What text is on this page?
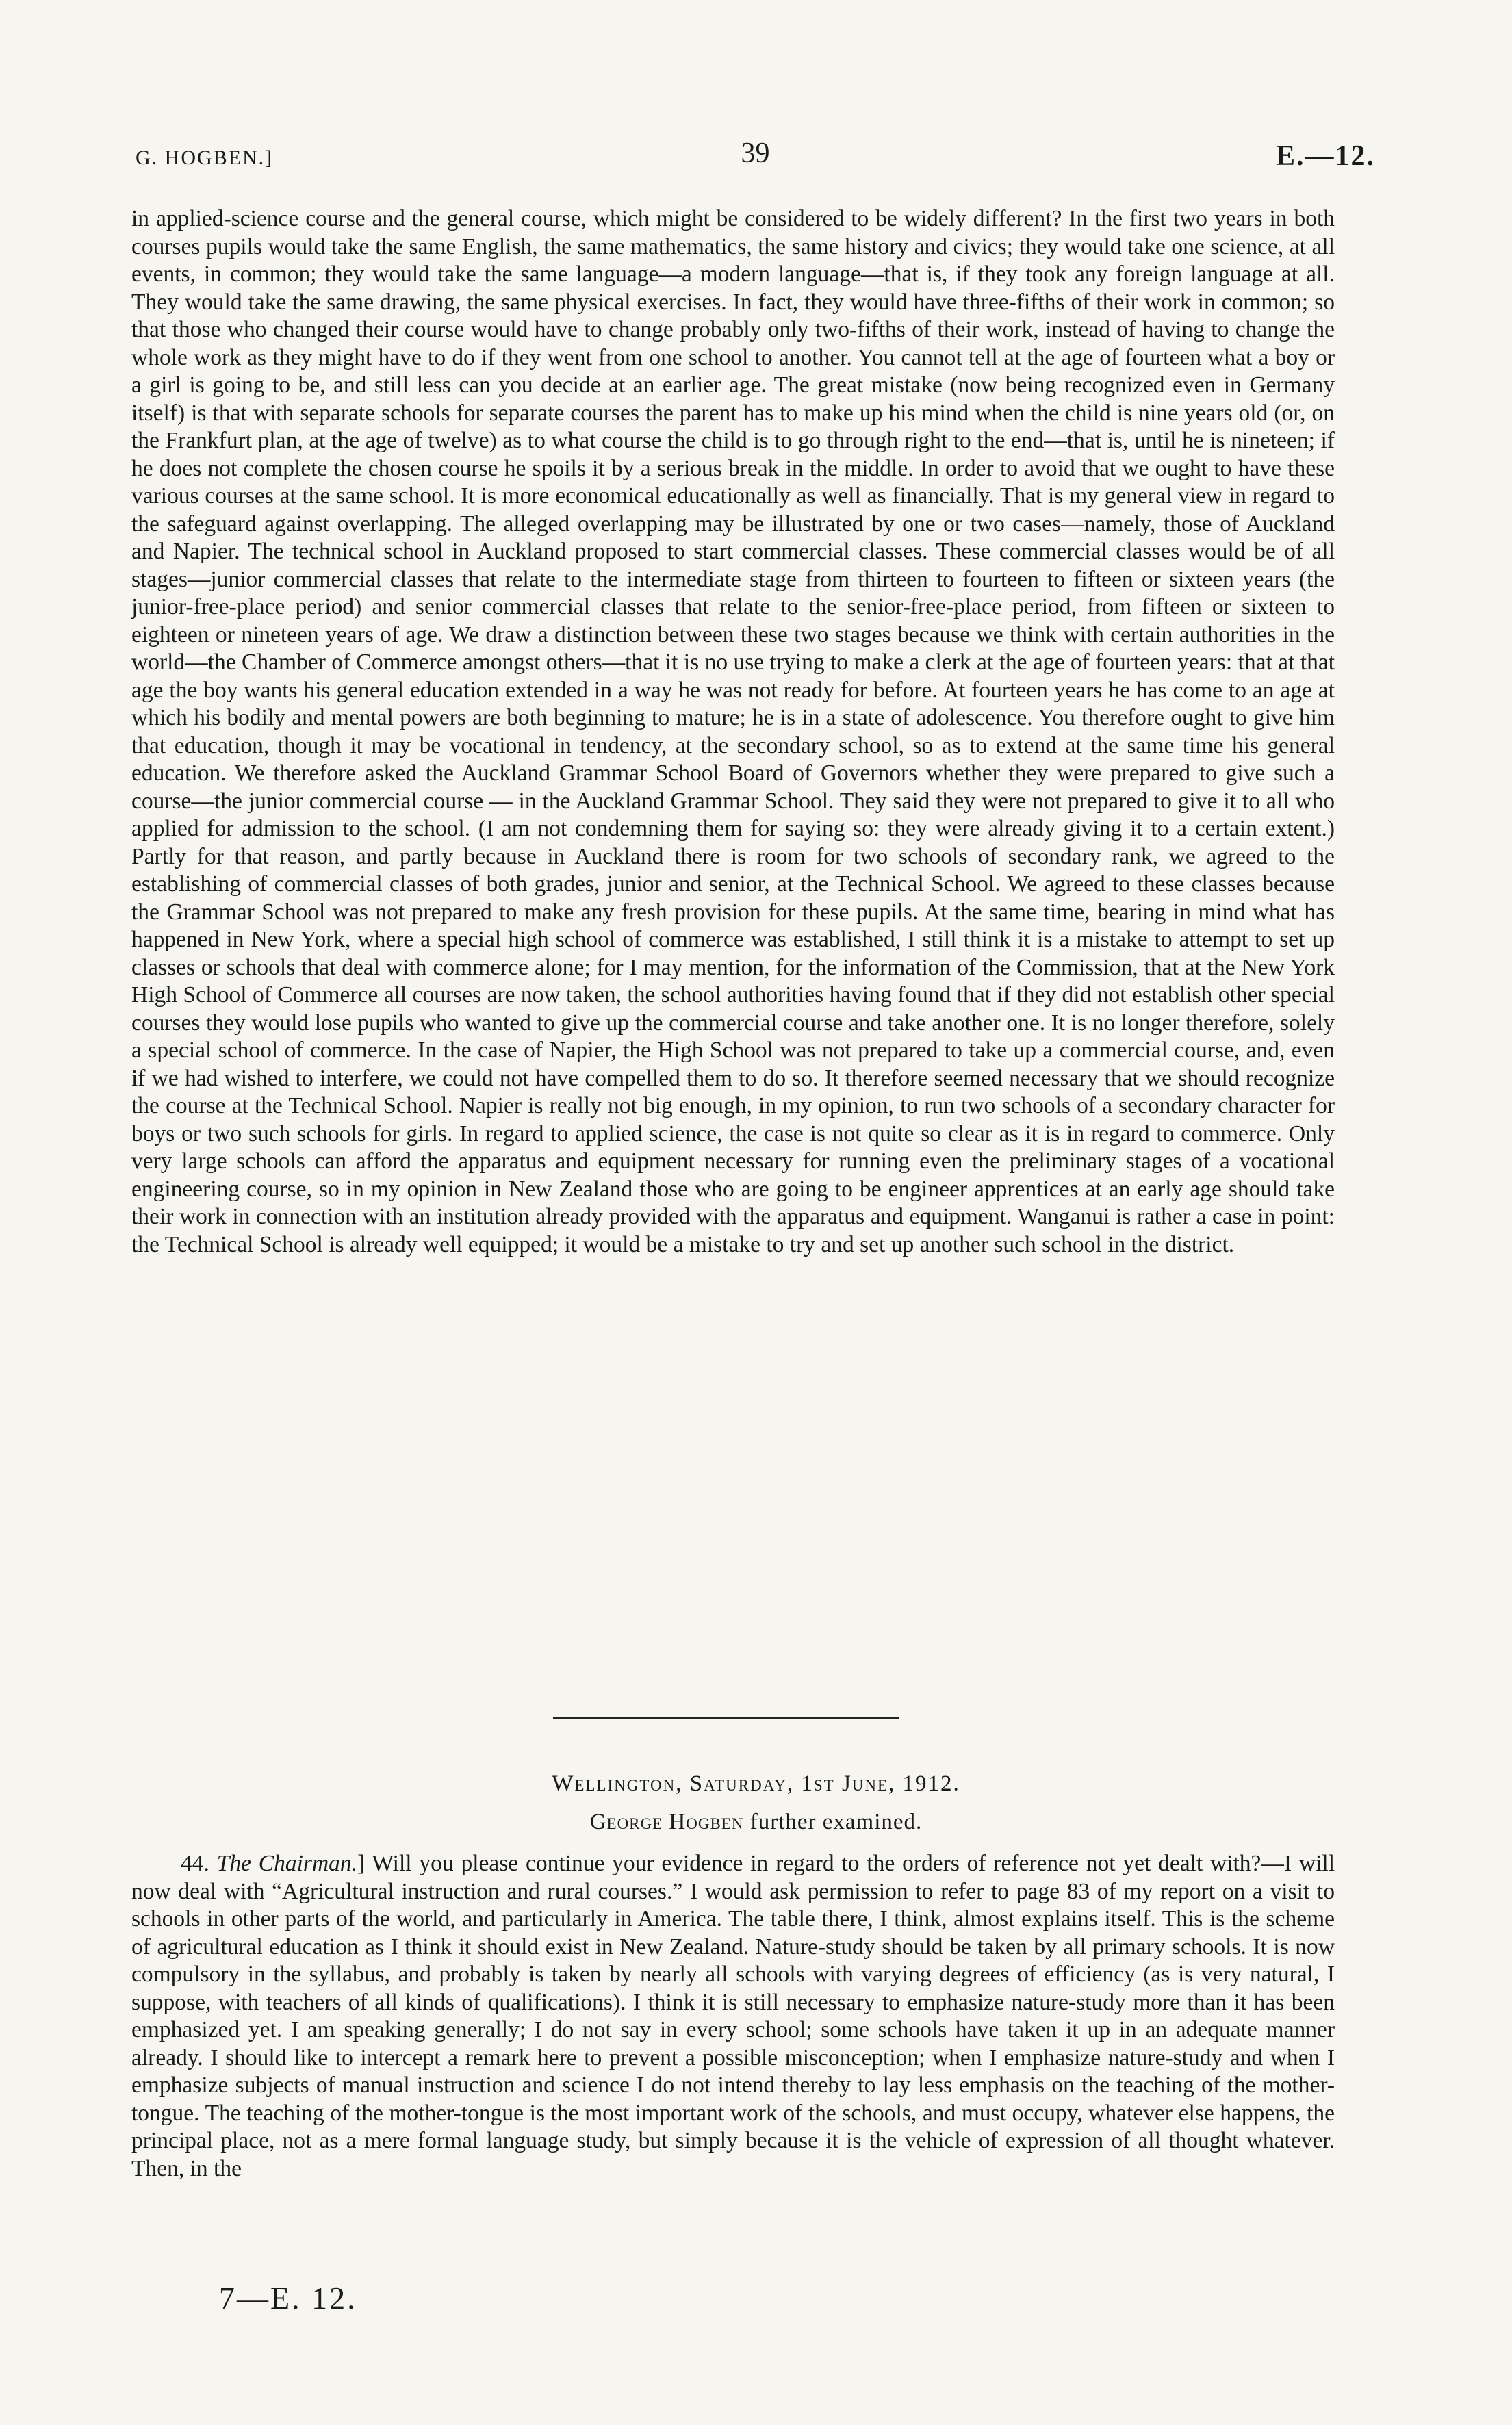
G. HOGBEN.]	39	E.—12.

in applied-science course and the general course, which might be considered to be widely different? In the first two years in both courses pupils would take the same English, the same mathematics, the same history and civics; they would take one science, at all events, in common; they would take the same language—a modern language—that is, if they took any foreign language at all. They would take the same drawing, the same physical exercises. In fact, they would have three-fifths of their work in common; so that those who changed their course would have to change probably only two-fifths of their work, instead of having to change the whole work as they might have to do if they went from one school to another. You cannot tell at the age of fourteen what a boy or a girl is going to be, and still less can you decide at an earlier age. The great mistake (now being recognized even in Germany itself) is that with separate schools for separate courses the parent has to make up his mind when the child is nine years old (or, on the Frankfurt plan, at the age of twelve) as to what course the child is to go through right to the end—that is, until he is nineteen; if he does not complete the chosen course he spoils it by a serious break in the middle. In order to avoid that we ought to have these various courses at the same school. It is more economical educationally as well as financially. That is my general view in regard to the safeguard against overlapping. The alleged overlapping may be illustrated by one or two cases—namely, those of Auckland and Napier. The technical school in Auckland proposed to start commercial classes. These commercial classes would be of all stages—junior commercial classes that relate to the intermediate stage from thirteen to fourteen to fifteen or sixteen years (the junior-free-place period) and senior commercial classes that relate to the senior-free-place period, from fifteen or sixteen to eighteen or nineteen years of age. We draw a distinction between these two stages because we think with certain authorities in the world—the Chamber of Commerce amongst others—that it is no use trying to make a clerk at the age of fourteen years: that at that age the boy wants his general education extended in a way he was not ready for before. At fourteen years he has come to an age at which his bodily and mental powers are both beginning to mature; he is in a state of adolescence. You therefore ought to give him that education, though it may be vocational in tendency, at the secondary school, so as to extend at the same time his general education. We therefore asked the Auckland Grammar School Board of Governors whether they were prepared to give such a course—the junior commercial course — in the Auckland Grammar School. They said they were not prepared to give it to all who applied for admission to the school. (I am not condemning them for saying so: they were already giving it to a certain extent.) Partly for that reason, and partly because in Auckland there is room for two schools of secondary rank, we agreed to the establishing of commercial classes of both grades, junior and senior, at the Technical School. We agreed to these classes because the Grammar School was not prepared to make any fresh provision for these pupils. At the same time, bearing in mind what has happened in New York, where a special high school of commerce was established, I still think it is a mistake to attempt to set up classes or schools that deal with commerce alone; for I may mention, for the information of the Commission, that at the New York High School of Commerce all courses are now taken, the school authorities having found that if they did not establish other special courses they would lose pupils who wanted to give up the commercial course and take another one. It is no longer therefore, solely a special school of commerce. In the case of Napier, the High School was not prepared to take up a commercial course, and, even if we had wished to interfere, we could not have compelled them to do so. It therefore seemed necessary that we should recognize the course at the Technical School. Napier is really not big enough, in my opinion, to run two schools of a secondary character for boys or two such schools for girls. In regard to applied science, the case is not quite so clear as it is in regard to commerce. Only very large schools can afford the apparatus and equipment necessary for running even the preliminary stages of a vocational engineering course, so in my opinion in New Zealand those who are going to be engineer apprentices at an early age should take their work in connection with an institution already provided with the apparatus and equipment. Wanganui is rather a case in point: the Technical School is already well equipped; it would be a mistake to try and set up another such school in the district.

Wellington, Saturday, 1st June, 1912.
George Hogben further examined.
44. The Chairman.] Will you please continue your evidence in regard to the orders of reference not yet dealt with?—I will now deal with “Agricultural instruction and rural courses.” I would ask permission to refer to page 83 of my report on a visit to schools in other parts of the world, and particularly in America. The table there, I think, almost explains itself. This is the scheme of agricultural education as I think it should exist in New Zealand. Nature-study should be taken by all primary schools. It is now compulsory in the syllabus, and probably is taken by nearly all schools with varying degrees of efficiency (as is very natural, I suppose, with teachers of all kinds of qualifications). I think it is still necessary to emphasize nature-study more than it has been emphasized yet. I am speaking generally; I do not say in every school; some schools have taken it up in an adequate manner already. I should like to intercept a remark here to prevent a possible misconception; when I emphasize nature-study and when I emphasize subjects of manual instruction and science I do not intend thereby to lay less emphasis on the teaching of the mother-tongue. The teaching of the mother-tongue is the most important work of the schools, and must occupy, whatever else happens, the principal place, not as a mere formal language study, but simply because it is the vehicle of expression of all thought whatever. Then, in the
7—E. 12.
